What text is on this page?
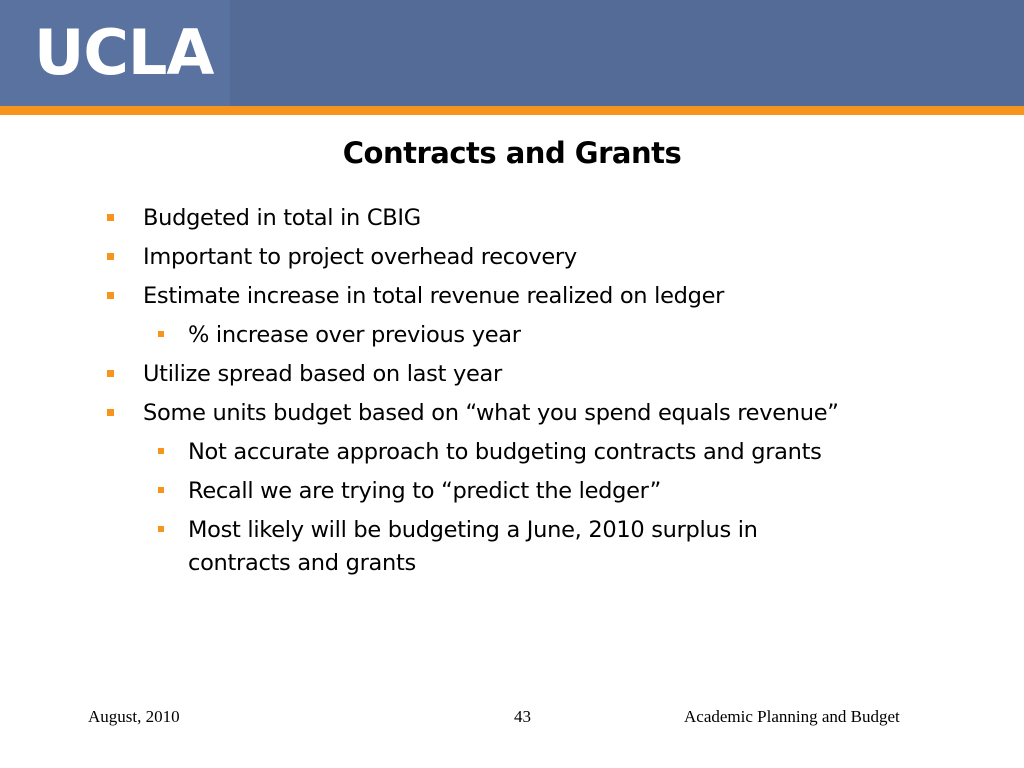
UCLA
Contracts and Grants
Budgeted in total in CBIG
Important to project overhead recovery
Estimate increase in total revenue realized on ledger
% increase over previous year
Utilize spread based on last year
Some units budget based on “what you spend equals revenue”
Not accurate approach to budgeting contracts and grants
Recall we are trying to “predict the ledger”
Most likely will be budgeting a June, 2010 surplus in contracts and grants
August, 2010	43	Academic Planning and Budget
